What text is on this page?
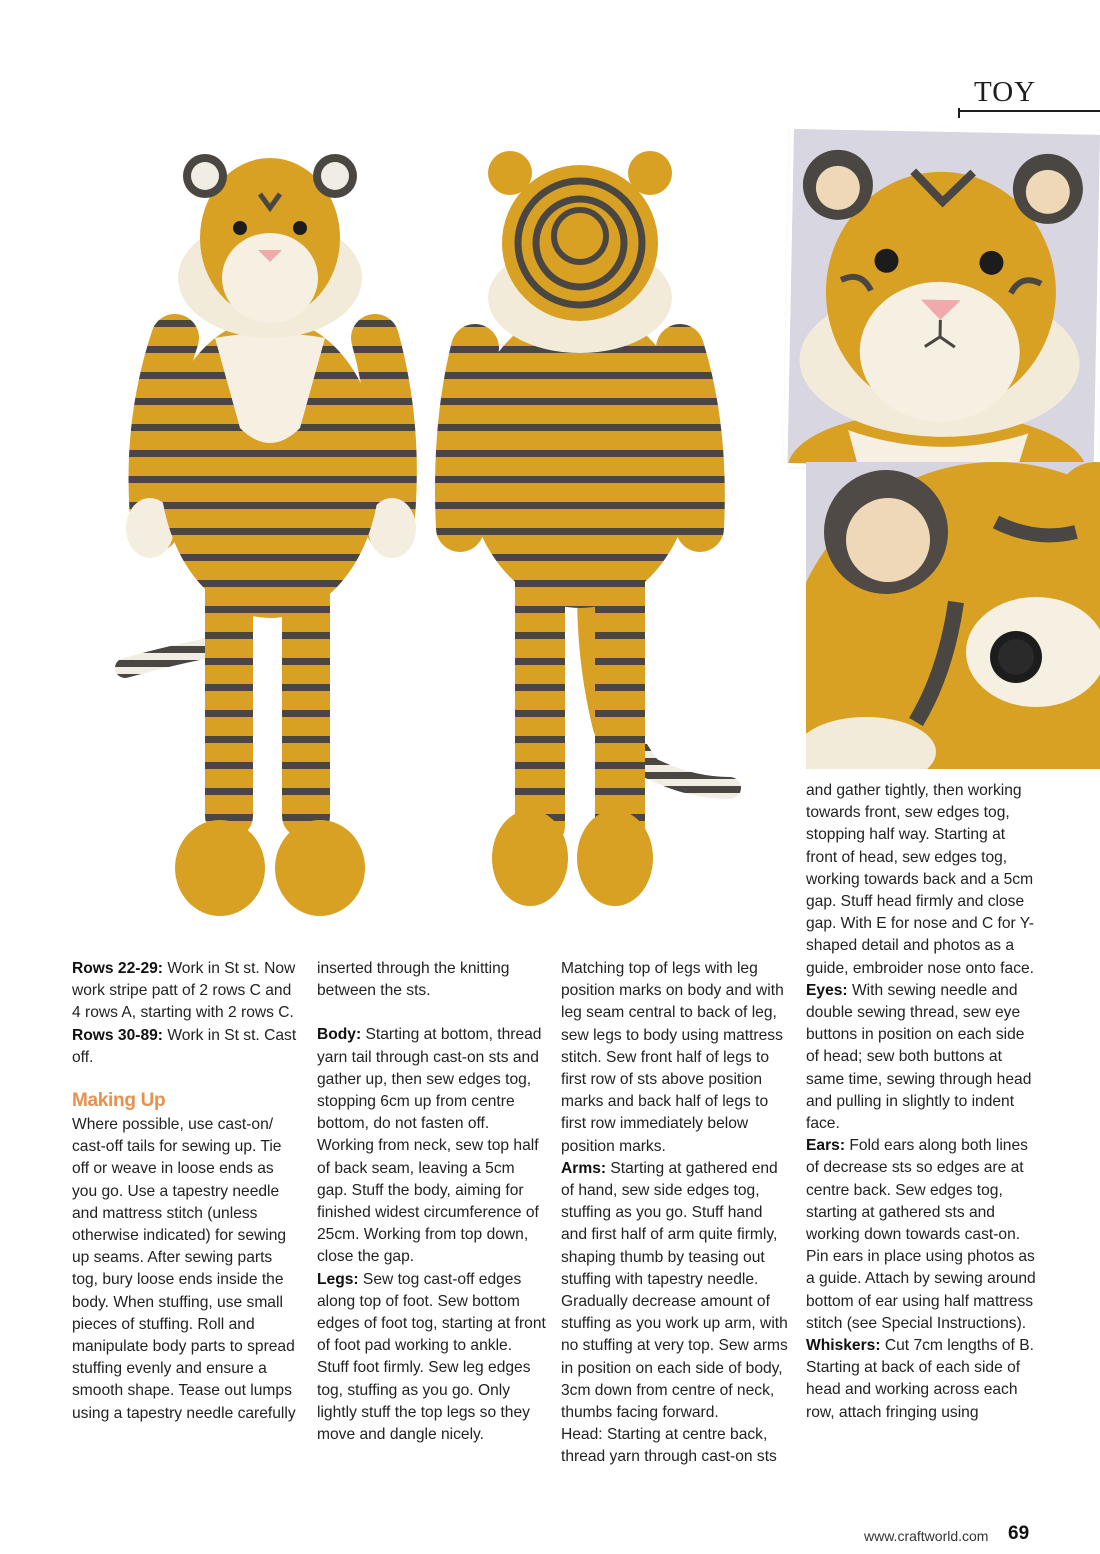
TOY

Rows 22-29: Work in St st. Now work stripe patt of 2 rows C and 4 rows A, starting with 2 rows C.

Rows 30-89: Work in St st. Cast off.

Making Up

Where possible, use cast-on/ cast-off tails for sewing up. Tie off or weave in loose ends as you go. Use a tapestry needle and mattress stitch (unless otherwise indicated) for sewing up seams. After sewing parts tog, bury loose ends inside the body. When stuffing, use small pieces of stuffing. Roll and manipulate body parts to spread stuffing evenly and ensure a smooth shape. Tease out lumps using a tapestry needle carefully

inserted through the knitting between the sts.

Body: Starting at bottom, thread yarn tail through cast-on sts and gather up, then sew edges tog, stopping 6cm up from centre bottom, do not fasten off. Working from neck, sew top half of back seam, leaving a 5cm gap. Stuff the body, aiming for finished widest circumference of 25cm. Working from top down, close the gap.

Legs: Sew tog cast-off edges along top of foot. Sew bottom edges of foot tog, starting at front of foot pad working to ankle. Stuff foot firmly. Sew leg edges tog, stuffing as you go. Only lightly stuff the top legs so they move and dangle nicely.

Matching top of legs with leg position marks on body and with leg seam central to back of leg, sew legs to body using mattress stitch. Sew front half of legs to first row of sts above position marks and back half of legs to first row immediately below position marks.

Arms: Starting at gathered end of hand, sew side edges tog, stuffing as you go. Stuff hand and first half of arm quite firmly, shaping thumb by teasing out stuffing with tapestry needle. Gradually decrease amount of stuffing as you work up arm, with no stuffing at very top. Sew arms in position on each side of body, 3cm down from centre of neck, thumbs facing forward.

Head: Starting at centre back, thread yarn through cast-on sts

and gather tightly, then working towards front, sew edges tog, stopping half way. Starting at front of head, sew edges tog, working towards back and a 5cm gap. Stuff head firmly and close gap. With E for nose and C for Y-shaped detail and photos as a guide, embroider nose onto face.

Eyes: With sewing needle and double sewing thread, sew eye buttons in position on each side of head; sew both buttons at same time, sewing through head and pulling in slightly to indent face.

Ears: Fold ears along both lines of decrease sts so edges are at centre back. Sew edges tog, starting at gathered sts and working down towards cast-on. Pin ears in place using photos as a guide. Attach by sewing around bottom of ear using half mattress stitch (see Special Instructions).

Whiskers: Cut 7cm lengths of B. Starting at back of each side of head and working across each row, attach fringing using

www.craftworld.com 69
